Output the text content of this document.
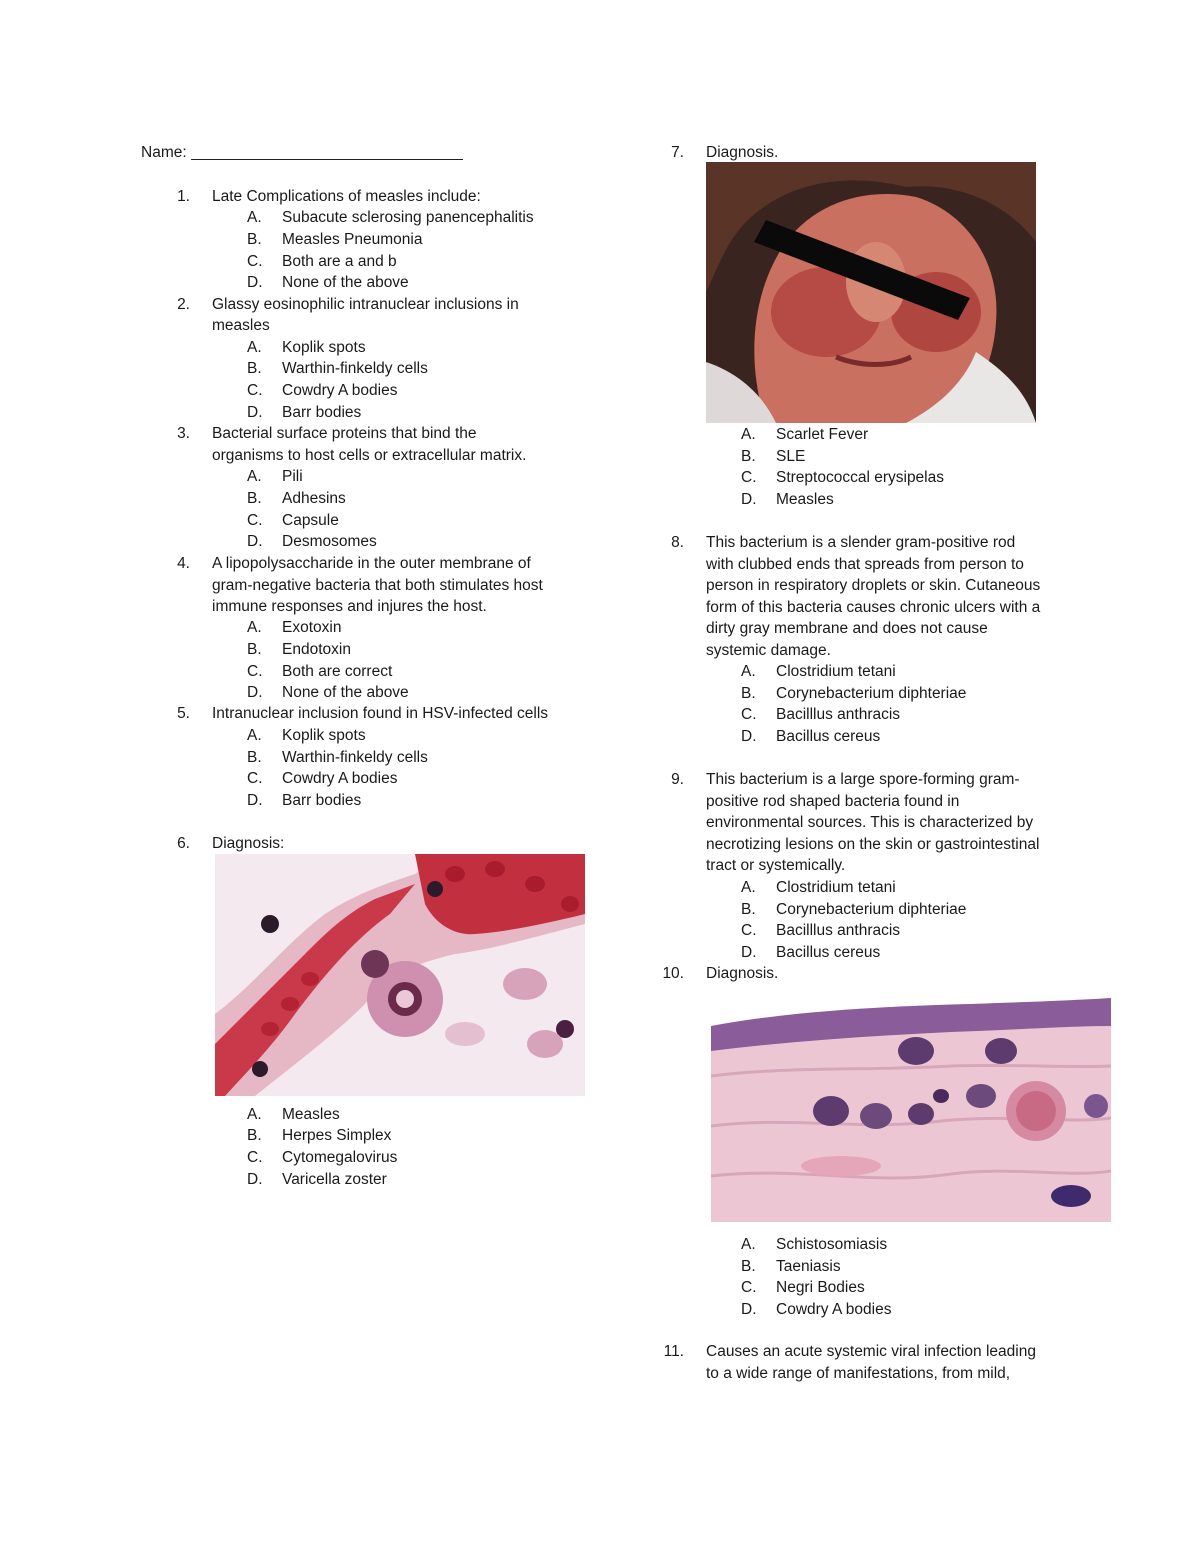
Name:
1. Late Complications of measles include:
A. Subacute sclerosing panencephalitis
B. Measles Pneumonia
C. Both are a and b
D. None of the above
2. Glassy eosinophilic intranuclear inclusions in
measles
A. Koplik spots
B. Warthin-finkeldy cells
C. Cowdry A bodies
D. Barr bodies
3. Bacterial surface proteins that bind the
organisms to host cells or extracellular matrix.
A. Pili
B. Adhesins
C. Capsule
D. Desmosomes
4. A lipopolysaccharide in the outer membrane of
gram-negative bacteria that both stimulates host
immune responses and injures the host.
A. Exotoxin
B. Endotoxin
C. Both are correct
D. None of the above
5. Intranuclear inclusion found in HSV-infected cells
A. Koplik spots
B. Warthin-finkeldy cells
C. Cowdry A bodies
D. Barr bodies
6. Diagnosis:
A. Measles
B. Herpes Simplex
C. Cytomegalovirus
D. Varicella zoster
7. Diagnosis.
A. Scarlet Fever
B. SLE
C. Streptococcal erysipelas
D. Measles
8. This bacterium is a slender gram-positive rod
with clubbed ends that spreads from person to
person in respiratory droplets or skin. Cutaneous
form of this bacteria causes chronic ulcers with a
dirty gray membrane and does not cause
systemic damage.
A. Clostridium tetani
B. Corynebacterium diphteriae
C. Bacilllus anthracis
D. Bacillus cereus
9. This bacterium is a large spore-forming gram-
positive rod shaped bacteria found in
environmental sources. This is characterized by
necrotizing lesions on the skin or gastrointestinal
tract or systemically.
A. Clostridium tetani
B. Corynebacterium diphteriae
C. Bacilllus anthracis
D. Bacillus cereus
10. Diagnosis.
A. Schistosomiasis
B. Taeniasis
C. Negri Bodies
D. Cowdry A bodies
11. Causes an acute systemic viral infection leading
to a wide range of manifestations, from mild,
